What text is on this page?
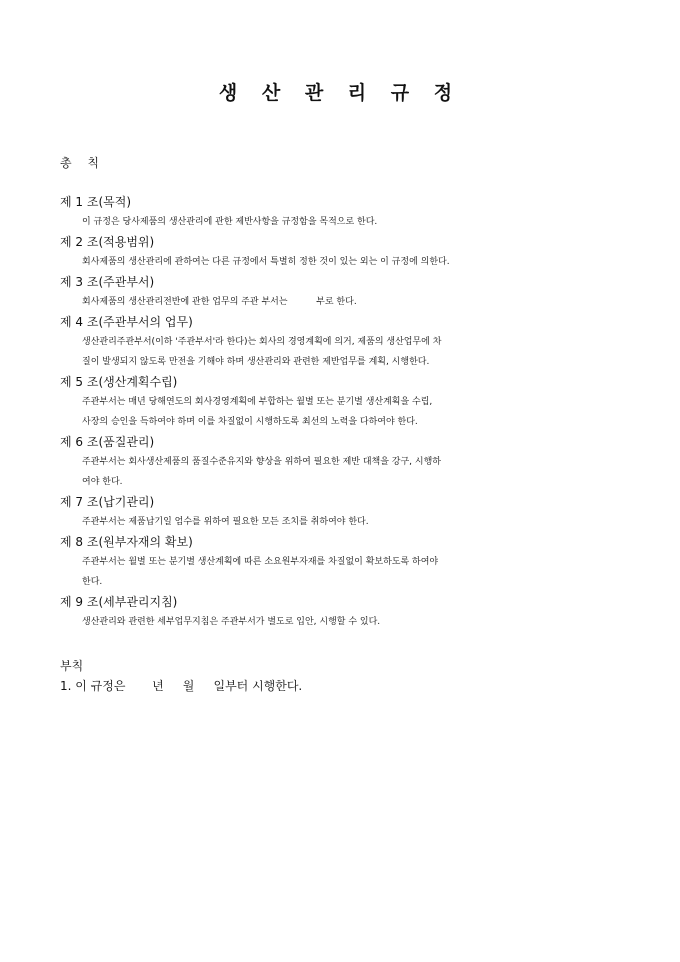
생 산 관 리 규 정
총 칙
제 1 조(목적)
이 규정은 당사제품의 생산관리에 관한 제반사항을 규정함을 목적으로 한다.
제 2 조(적용범위)
회사제품의 생산관리에 관하여는 다른 규정에서 특별히 정한 것이 있는 외는 이 규정에 의한다.
제 3 조(주관부서)
회사제품의 생산관리전반에 관한 업무의 주관 부서는          부로 한다.
제 4 조(주관부서의 업무)
생산관리주관부서(이하 '주관부서'라 한다)는 회사의 경영계획에 의거, 제품의 생산업무에 차
질이 발생되지 않도록 만전을 기해야 하며 생산관리와 관련한 제반업무를 계획, 시행한다.
제 5 조(생산계획수립)
주관부서는 매년 당해연도의 회사경영계획에 부합하는 월별 또는 분기별 생산계획을 수립,
사장의 승인을 득하여야 하며 이를 차질없이 시행하도록 최선의 노력을 다하여야 한다.
제 6 조(품질관리)
주관부서는 회사생산제품의 품질수준유지와 향상을 위하여 필요한 제반 대책을 강구, 시행하
여야 한다.
제 7 조(납기관리)
주관부서는 제품납기일 엄수를 위하여 필요한 모든 조치를 취하여야 한다.
제 8 조(원부자재의 확보)
주관부서는 월별 또는 분기별 생산계획에 따른 소요원부자재를 차질없이 확보하도록 하여야
한다.
제 9 조(세부관리지침)
생산관리와 관련한 세부업무지침은 주관부서가 별도로 입안, 시행할 수 있다.
부칙
1. 이 규정은       년     월     일부터 시행한다.
